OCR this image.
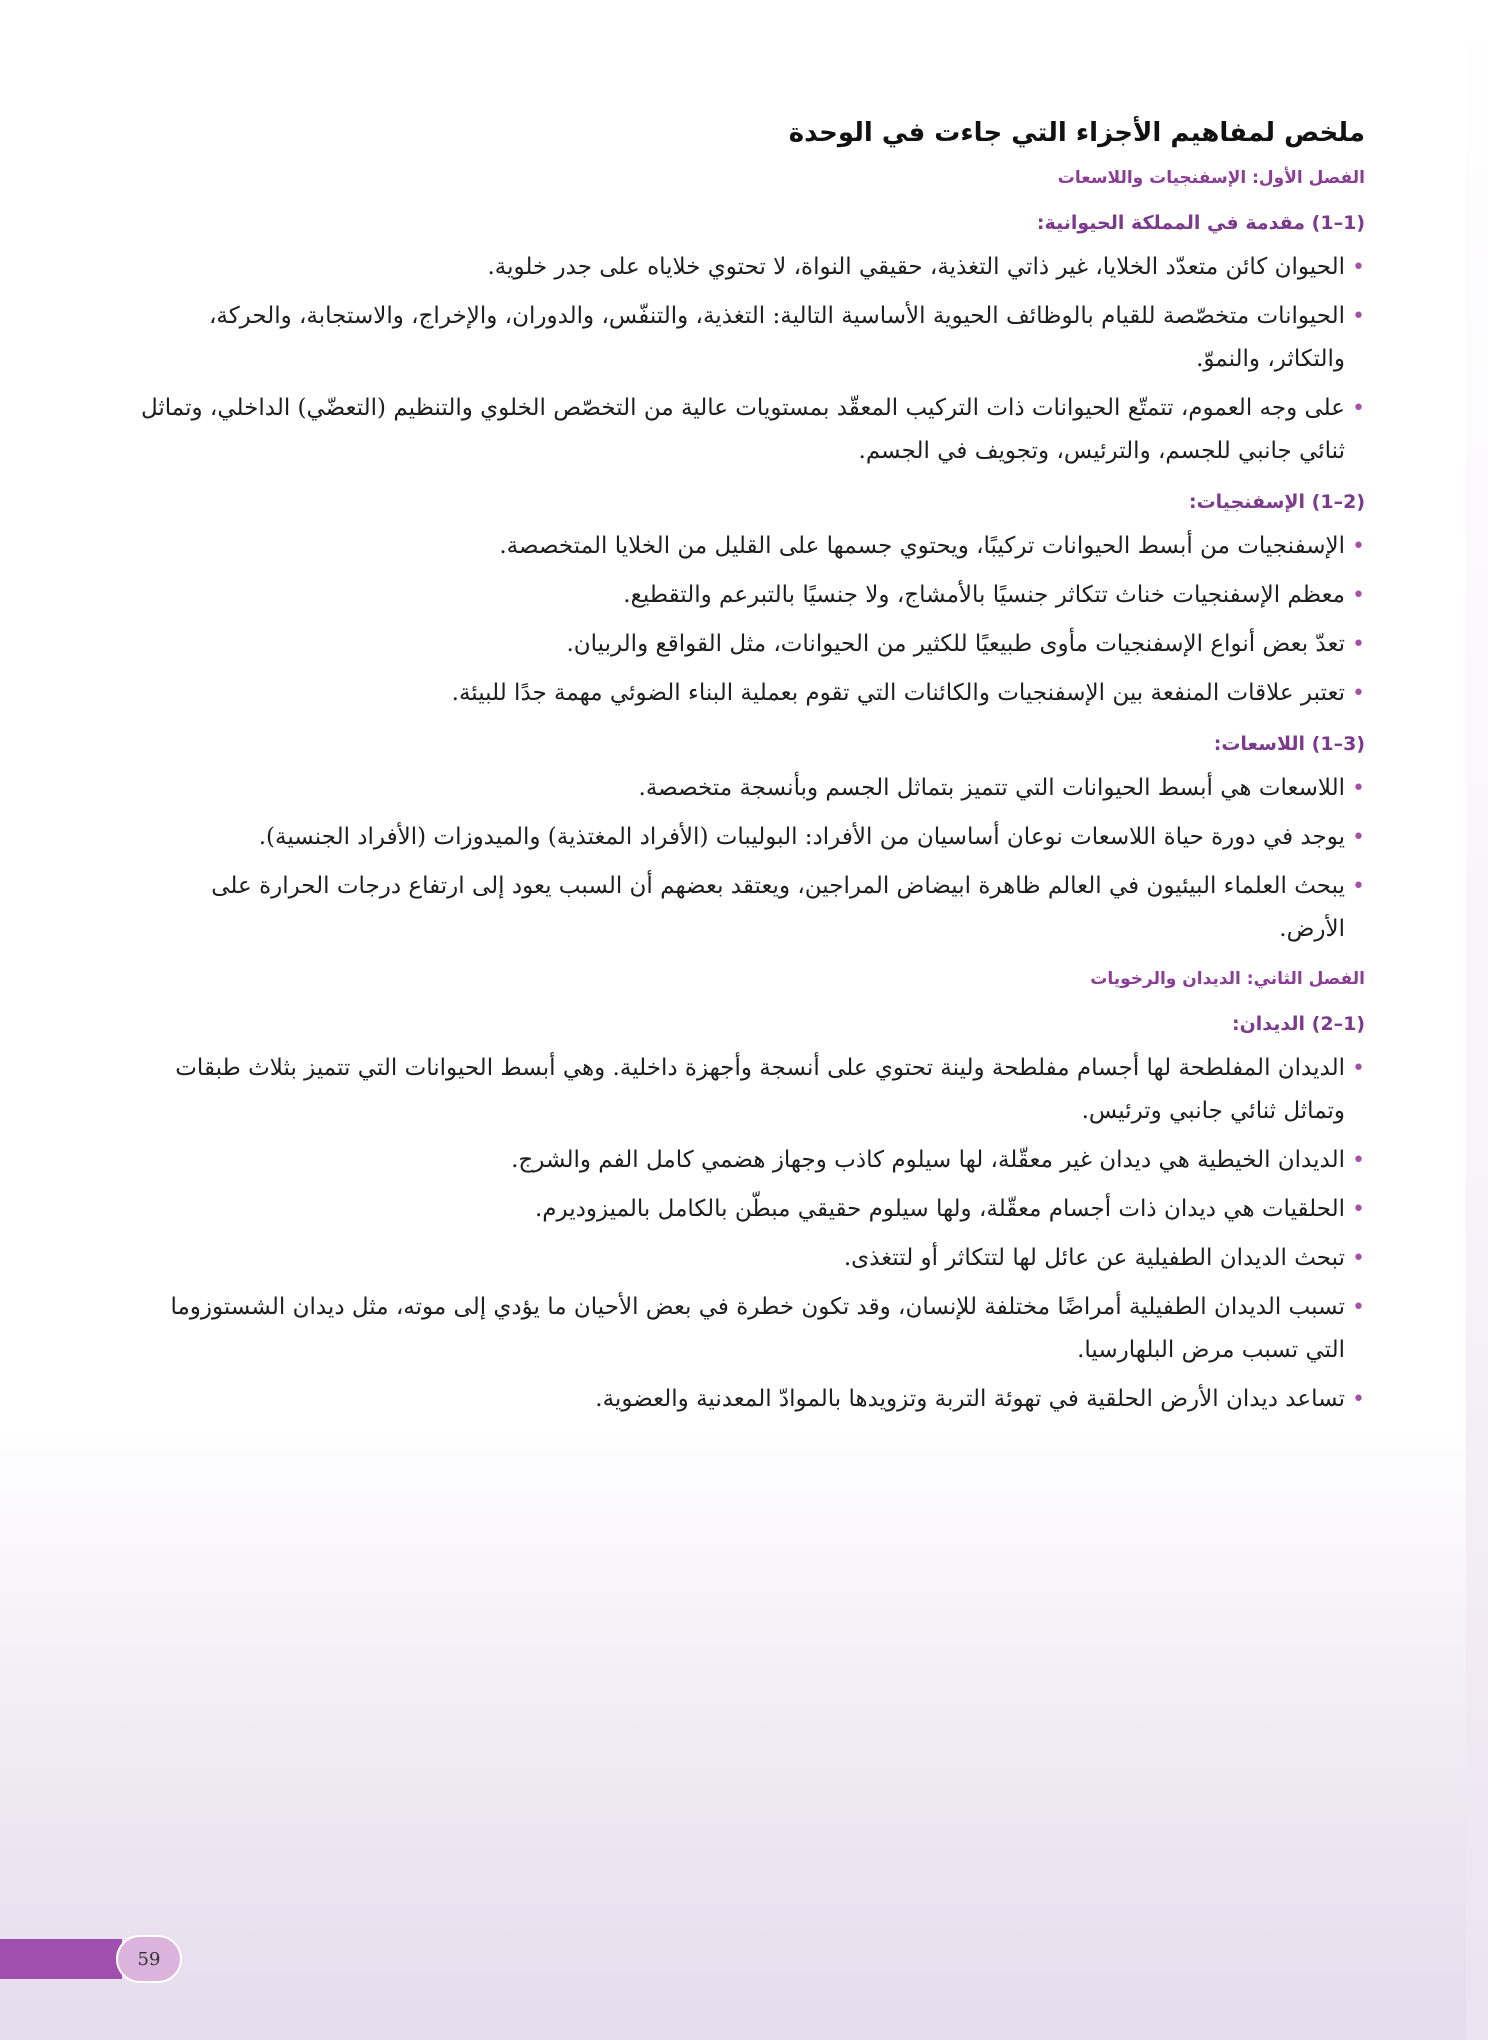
ملخص لمفاهيم الأجزاء التي جاءت في الوحدة
الفصل الأول: الإسفنجيات واللاسعات
(1–1) مقدمة في المملكة الحيوانية:
• الحيوان كائن متعدّد الخلايا، غير ذاتي التغذية، حقيقي النواة، لا تحتوي خلاياه على جدر خلوية.
• الحيوانات متخصّصة للقيام بالوظائف الحيوية الأساسية التالية: التغذية، والتنفّس، والدوران، والإخراج، والاستجابة، والحركة، والتكاثر، والنموّ.
• على وجه العموم، تتمتّع الحيوانات ذات التركيب المعقّد بمستويات عالية من التخصّص الخلوي والتنظيم (التعضّي) الداخلي، وتماثل ثنائي جانبي للجسم، والترئيس، وتجويف في الجسم.
(2–1) الإسفنجيات:
• الإسفنجيات من أبسط الحيوانات تركيبًا، ويحتوي جسمها على القليل من الخلايا المتخصصة.
• معظم الإسفنجيات خناث تتكاثر جنسيًا بالأمشاج، ولا جنسيًا بالتبرعم والتقطيع.
• تعدّ بعض أنواع الإسفنجيات مأوى طبيعيًا للكثير من الحيوانات، مثل القواقع والربيان.
• تعتبر علاقات المنفعة بين الإسفنجيات والكائنات التي تقوم بعملية البناء الضوئي مهمة جدًا للبيئة.
(3–1) اللاسعات:
• اللاسعات هي أبسط الحيوانات التي تتميز بتماثل الجسم وبأنسجة متخصصة.
• يوجد في دورة حياة اللاسعات نوعان أساسيان من الأفراد: البوليبات (الأفراد المغتذية) والميدوزات (الأفراد الجنسية).
• يبحث العلماء البيئيون في العالم ظاهرة ابيضاض المراجين، ويعتقد بعضهم أن السبب يعود إلى ارتفاع درجات الحرارة على الأرض.
الفصل الثاني: الديدان والرخويات
(1–2) الديدان:
• الديدان المفلطحة لها أجسام مفلطحة ولينة تحتوي على أنسجة وأجهزة داخلية. وهي أبسط الحيوانات التي تتميز بثلاث طبقات وتماثل ثنائي جانبي وترئيس.
• الديدان الخيطية هي ديدان غير معقّلة، لها سيلوم كاذب وجهاز هضمي كامل الفم والشرج.
• الحلقيات هي ديدان ذات أجسام معقّلة، ولها سيلوم حقيقي مبطّن بالكامل بالميزوديرم.
• تبحث الديدان الطفيلية عن عائل لها لتتكاثر أو لتتغذى.
• تسبب الديدان الطفيلية أمراضًا مختلفة للإنسان، وقد تكون خطرة في بعض الأحيان ما يؤدي إلى موته، مثل ديدان الشستوزوما التي تسبب مرض البلهارسيا.
• تساعد ديدان الأرض الحلقية في تهوئة التربة وتزويدها بالموادّ المعدنية والعضوية.
59
